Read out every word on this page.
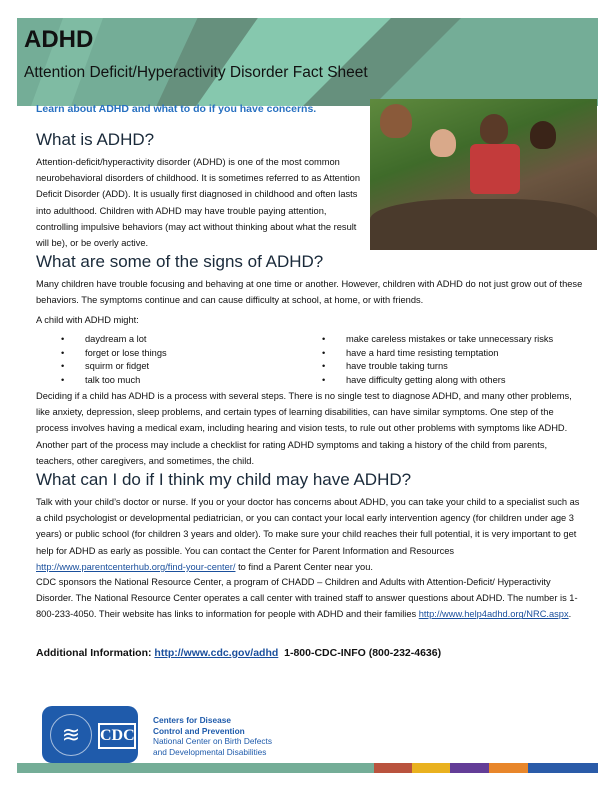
ADHD
Attention Deficit/Hyperactivity Disorder Fact Sheet
Learn about ADHD and what to do if you have concerns.
What is ADHD?

Attention-deficit/hyperactivity disorder (ADHD) is one of the most common neurobehavioral disorders of childhood. It is sometimes referred to as Attention Deficit Disorder (ADD). It is usually first diagnosed in childhood and often lasts into adulthood. Children with ADHD may have trouble paying attention, controlling impulsive behaviors (may act without thinking about what the result will be), or be overly active.

What are some of the signs of ADHD?

Many children have trouble focusing and behaving at one time or another. However, children with ADHD do not just grow out of these behaviors. The symptoms continue and can cause difficulty at school, at home, or with friends.

A child with ADHD might:

• daydream a lot
• forget or lose things
• squirm or fidget
• talk too much
• make careless mistakes or take unnecessary risks
• have a hard time resisting temptation
• have trouble taking turns
• have difficulty getting along with others

Deciding if a child has ADHD is a process with several steps. There is no single test to diagnose ADHD, and many other problems, like anxiety, depression, sleep problems, and certain types of learning disabilities, can have similar symptoms. One step of the process involves having a medical exam, including hearing and vision tests, to rule out other problems with symptoms like ADHD. Another part of the process may include a checklist for rating ADHD symptoms and taking a history of the child from parents, teachers, other caregivers, and sometimes, the child.

What can I do if I think my child may have ADHD?

Talk with your child’s doctor or nurse. If you or your doctor has concerns about ADHD, you can take your child to a specialist such as a child psychologist or developmental pediatrician, or you can contact your local early intervention agency (for children under age 3 years) or public school (for children 3 years and older). To make sure your child reaches their full potential, it is very important to get help for ADHD as early as possible. You can contact the Center for Parent Information and Resources http://www.parentcenterhub.org/find-your-center/ to find a Parent Center near you.

CDC sponsors the National Resource Center, a program of CHADD – Children and Adults with Attention-Deficit/ Hyperactivity Disorder. The National Resource Center operates a call center with trained staff to answer questions about ADHD. The number is 1-800-233-4050. Their website has links to information for people with ADHD and their families http://www.help4adhd.org/NRC.aspx.

Additional Information: http://www.cdc.gov/adhd 1-800-CDC-INFO (800-232-4636)
≋	CDC
Centers for Disease
Control and Prevention
National Center on Birth Defects
and Developmental Disabilities
